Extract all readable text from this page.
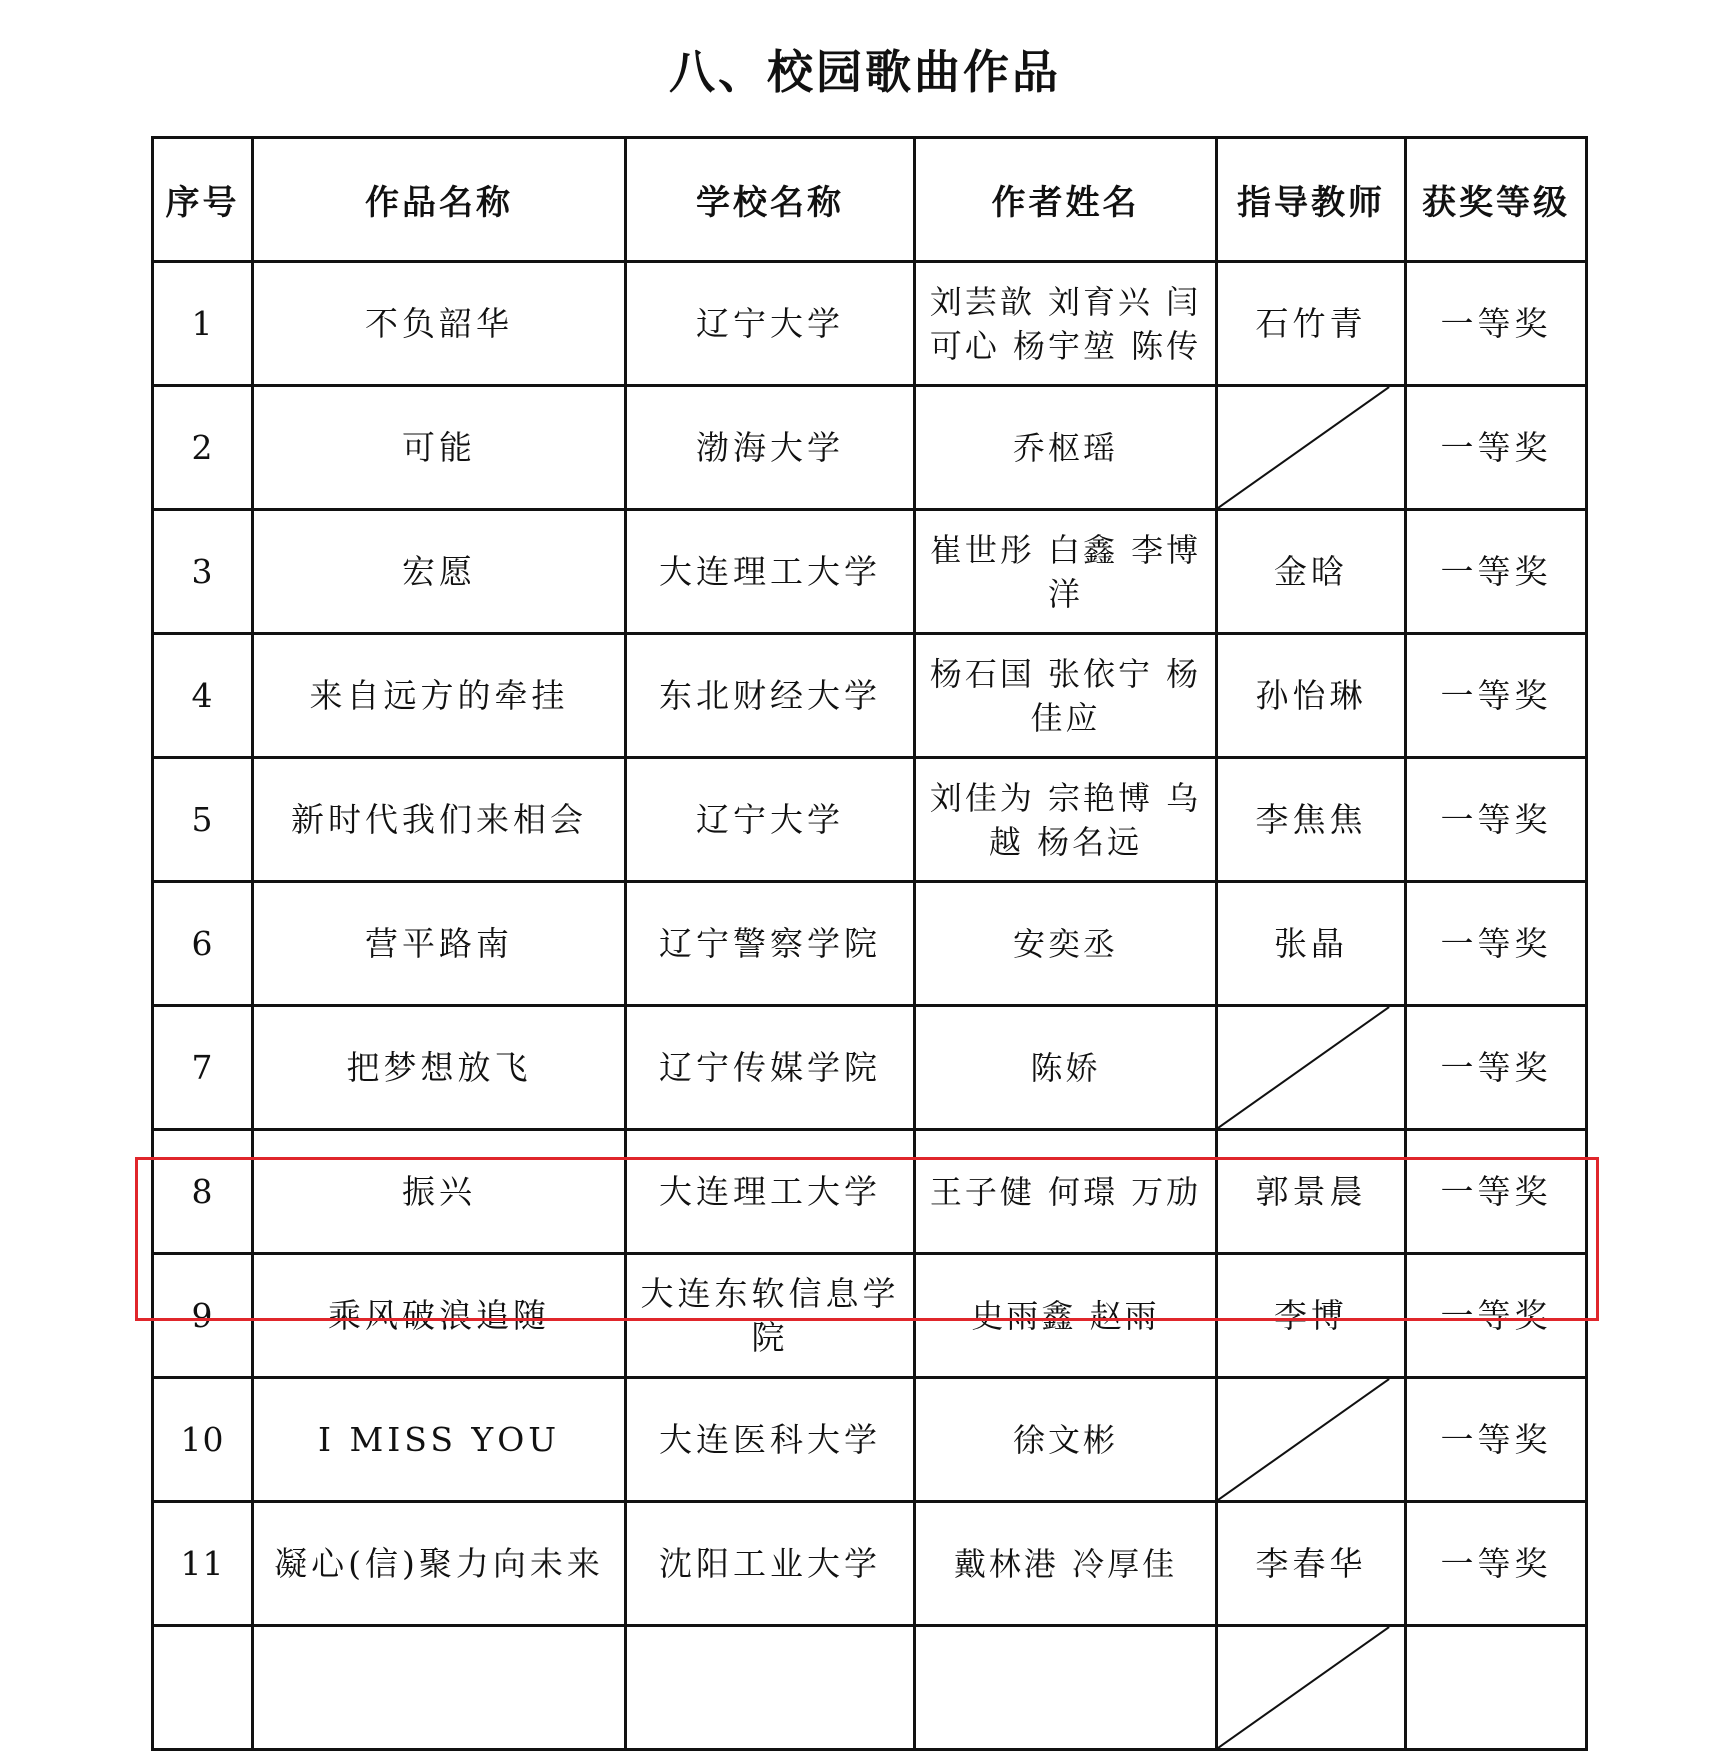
八、校园歌曲作品
序号	作品名称	学校名称	作者姓名	指导教师	获奖等级
1	不负韶华	辽宁大学	刘芸歆 刘育兴 闫可心 杨宇堃 陈传	石竹青	一等奖
2	可能	渤海大学	乔枢瑶		一等奖
3	宏愿	大连理工大学	崔世彤 白鑫 李博洋	金晗	一等奖
4	来自远方的牵挂	东北财经大学	杨石国 张依宁 杨佳应	孙怡琳	一等奖
5	新时代我们来相会	辽宁大学	刘佳为 宗艳博 乌越 杨名远	李焦焦	一等奖
6	营平路南	辽宁警察学院	安奕丞	张晶	一等奖
7	把梦想放飞	辽宁传媒学院	陈娇		一等奖
8	振兴	大连理工大学	王子健 何璟 万劢	郭景晨	一等奖
9	乘风破浪追随	大连东软信息学院	史雨鑫 赵雨	李博	一等奖
10	I MISS YOU	大连医科大学	徐文彬		一等奖
11	凝心(信)聚力向未来	沈阳工业大学	戴林港 冷厚佳	李春华	一等奖
